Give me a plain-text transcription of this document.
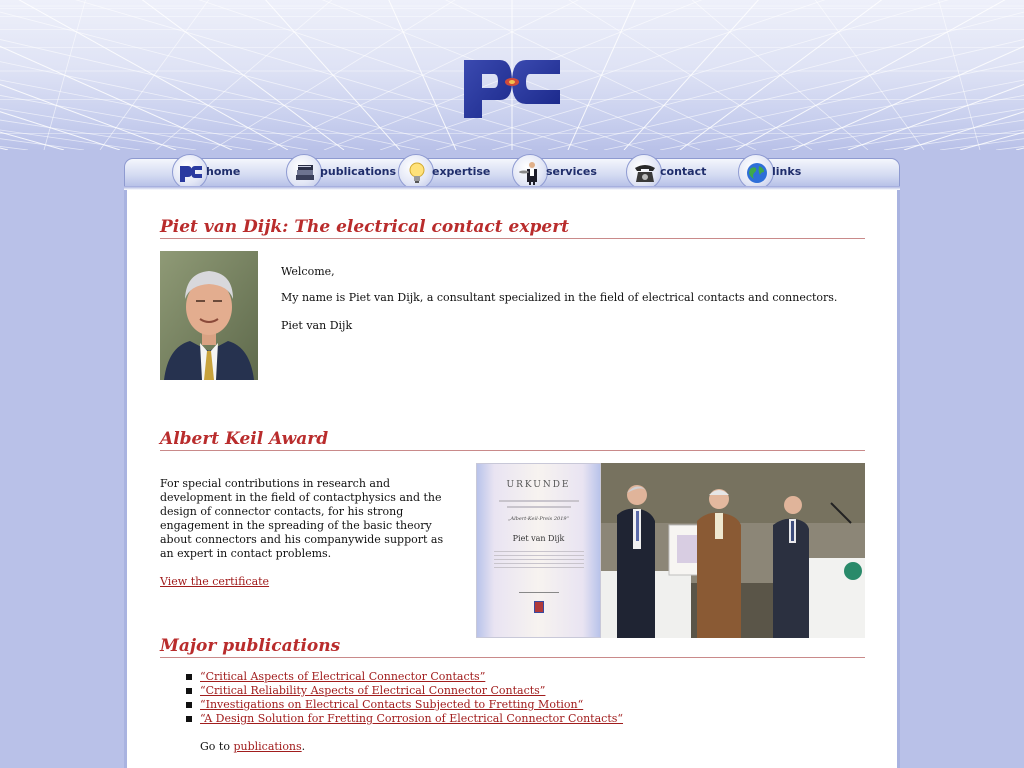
home	publications	expertise	services	contact	links
Piet van Dijk: The electrical contact expert

Welcome,

My name is Piet van Dijk, a consultant specialized in the field of electrical contacts and connectors.

Piet van Dijk

Albert Keil Award
For special contributions in research and
development in the field of contactphysics and the
design of connector contacts, for his strong
engagement in the spreading of the basic theory
about connectors and his companywide support as
an expert in contact problems.

View the certificate

URKUNDE
„Albert-Keil-Preis 2019“
Piet van Dijk
Major publications
“Critical Aspects of Electrical Connector Contacts”
“Critical Reliability Aspects of Electrical Connector Contacts”
“Investigations on Electrical Contacts Subjected to Fretting Motion“
“A Design Solution for Fretting Corrosion of Electrical Connector Contacts“

Go to publications.
